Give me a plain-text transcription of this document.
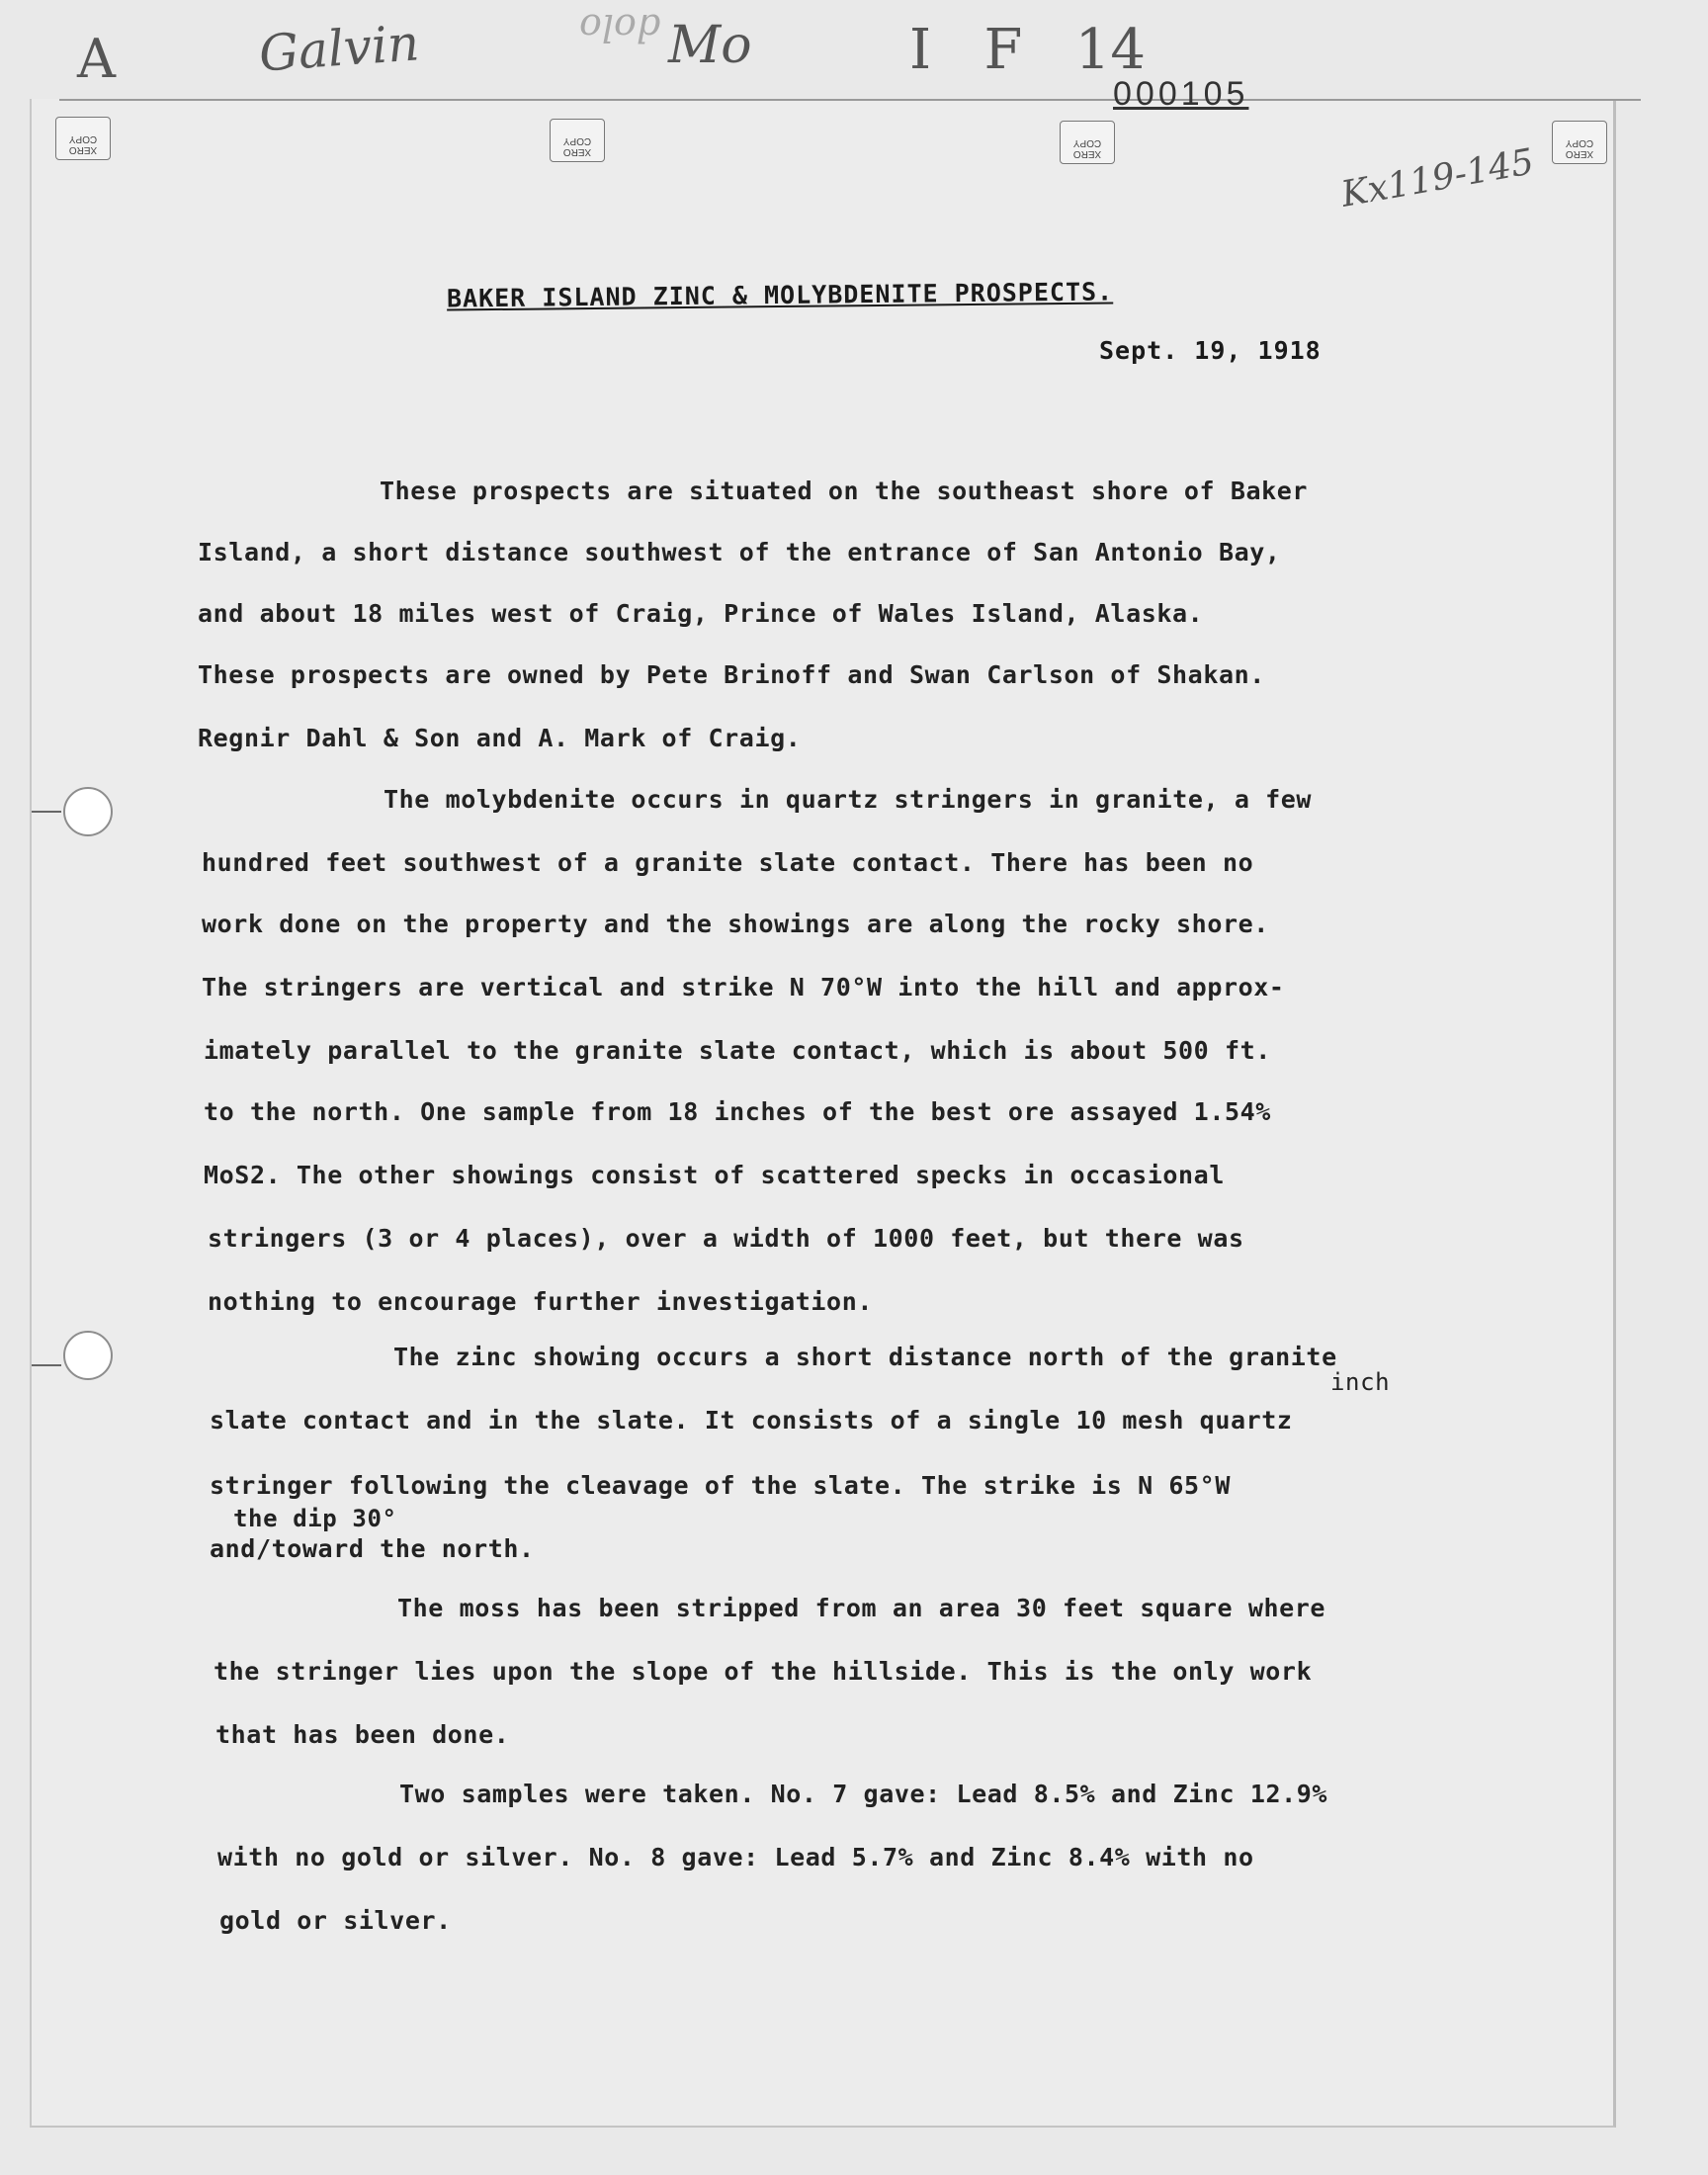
Galvin	dolo Mo	I   F   14
Kx119-145
A
000105
XERO
COPY
XERO
COPY
XERO
COPY
XERO
COPY
BAKER ISLAND ZINC & MOLYBDENITE PROSPECTS.
Sept. 19, 1918
These prospects are situated on the southeast shore of Baker
Island, a short distance southwest of the entrance of San Antonio Bay,
and about 18 miles west of Craig, Prince of Wales Island, Alaska.
These prospects are owned by Pete Brinoff and Swan Carlson of Shakan.
Regnir Dahl & Son and A. Mark of Craig.
The molybdenite occurs in quartz stringers in granite, a few
hundred feet southwest of a granite slate contact. There has been no
work done on the property and the showings are along the rocky shore.
The stringers are vertical and strike N 70°W into the hill and approx-
imately parallel to the granite slate contact, which is about 500 ft.
to the north. One sample from 18 inches of the best ore assayed 1.54%
MoS2. The other showings consist of scattered specks in occasional
stringers (3 or 4 places), over a width of 1000 feet, but there was
nothing to encourage further investigation.
The zinc showing occurs a short distance north of the granite
inch
slate contact and in the slate. It consists of a single 10 mesh quartz
stringer following the cleavage of the slate. The strike is N 65°W
the dip 30°
and/toward the north.
The moss has been stripped from an area 30 feet square where
the stringer lies upon the slope of the hillside. This is the only work
that has been done.
Two samples were taken. No. 7 gave: Lead 8.5% and Zinc 12.9%
with no gold or silver. No. 8 gave: Lead 5.7% and Zinc 8.4% with no
gold or silver.
